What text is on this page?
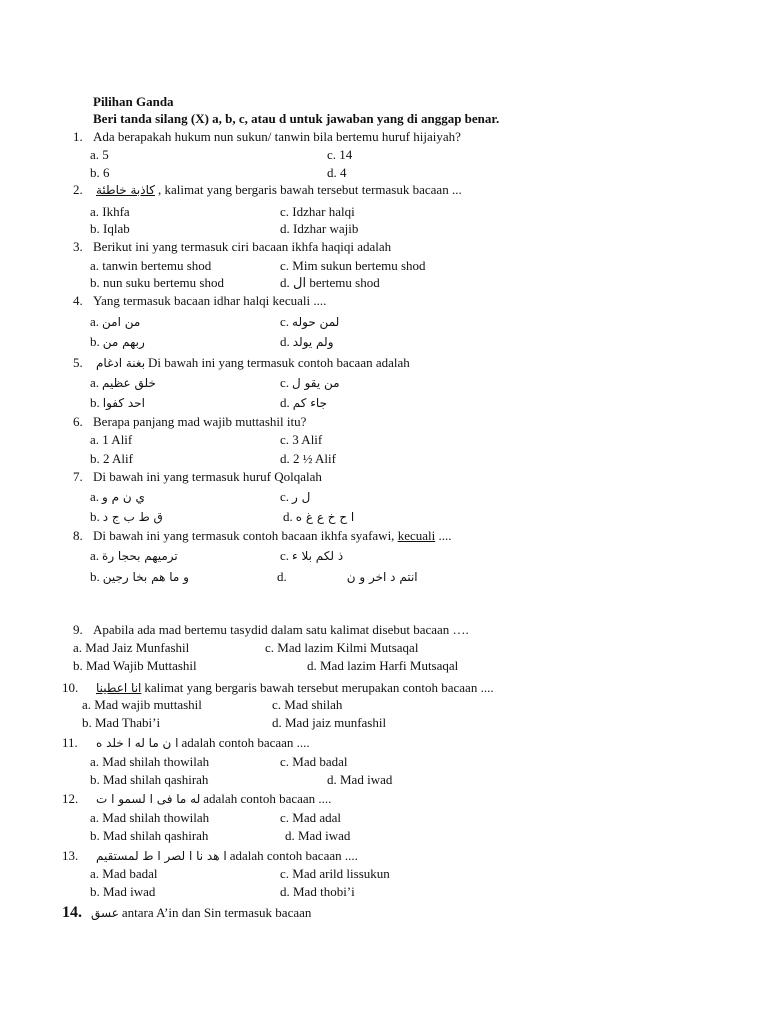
Pilihan Ganda
Beri tanda silang (X) a, b, c, atau d untuk jawaban yang di anggap benar.
1. Ada berapakah hukum nun sukun/ tanwin bila bertemu huruf hijaiyah?
a. 5
b. 6
c. 14
d. 4
2. كاذبة خاطئة , kalimat yang bergaris bawah tersebut termasuk bacaan ...
a. Ikhfa
b. Iqlab
c. Idzhar halqi
d. Idzhar wajib
3. Berikut ini yang termasuk ciri bacaan ikhfa haqiqi adalah
a. tanwin bertemu shod
b. nun suku bertemu shod
c. Mim sukun bertemu shod
d. ال bertemu shod
4. Yang termasuk bacaan idhar halqi kecuali ....
a. من امن
b. ربهم من
c. لمن حوله
d. ولم يولد
5. بغنة ادغام Di bawah ini yang termasuk contoh bacaan adalah
a. خلق عظيم
b. احد كفوا
c. من يقو ل
d. جاء كم
6. Berapa panjang mad wajib muttashil itu?
a. 1 Alif
b. 2 Alif
c. 3 Alif
d. 2 ½ Alif
7. Di bawah ini yang termasuk huruf Qolqalah
a. ي ن م و
b. ق ط ب ج د
c. ل ر
d. ا ح خ ع غ ه
8. Di bawah ini yang termasuk contoh bacaan ikhfa syafawi, kecuali ....
a. ترميهم بحجا رة
b. و ما هم بخا رجين
c. ذ لكم بلا ء
d.	انتم د اخر و ن
9. Apabila ada mad bertemu tasydid dalam satu kalimat disebut bacaan ….
a. Mad Jaiz Munfashil
b. Mad Wajib Muttashil
c. Mad lazim Kilmi Mutsaqal
d. Mad lazim Harfi Mutsaqal
10. انا اعطينا kalimat yang bergaris bawah tersebut merupakan contoh bacaan ....
a. Mad wajib muttashil
b. Mad Thabi’i
c. Mad shilah
d. Mad jaiz munfashil
11. ا ن ما له ا خلد ه adalah contoh bacaan ....
a. Mad shilah thowilah
b. Mad shilah qashirah
c. Mad badal
d. Mad iwad
12. له ما فى ا لسمو ا ت adalah contoh bacaan ....
a. Mad shilah thowilah
b. Mad shilah qashirah
c. Mad adal
d. Mad iwad
13. ا هد نا ا لصر ا ط لمستقيم adalah contoh bacaan ....
a. Mad badal
b. Mad iwad
c. Mad arild lissukun
d. Mad thobi’i
14. عسق antara A’in dan Sin termasuk bacaan
